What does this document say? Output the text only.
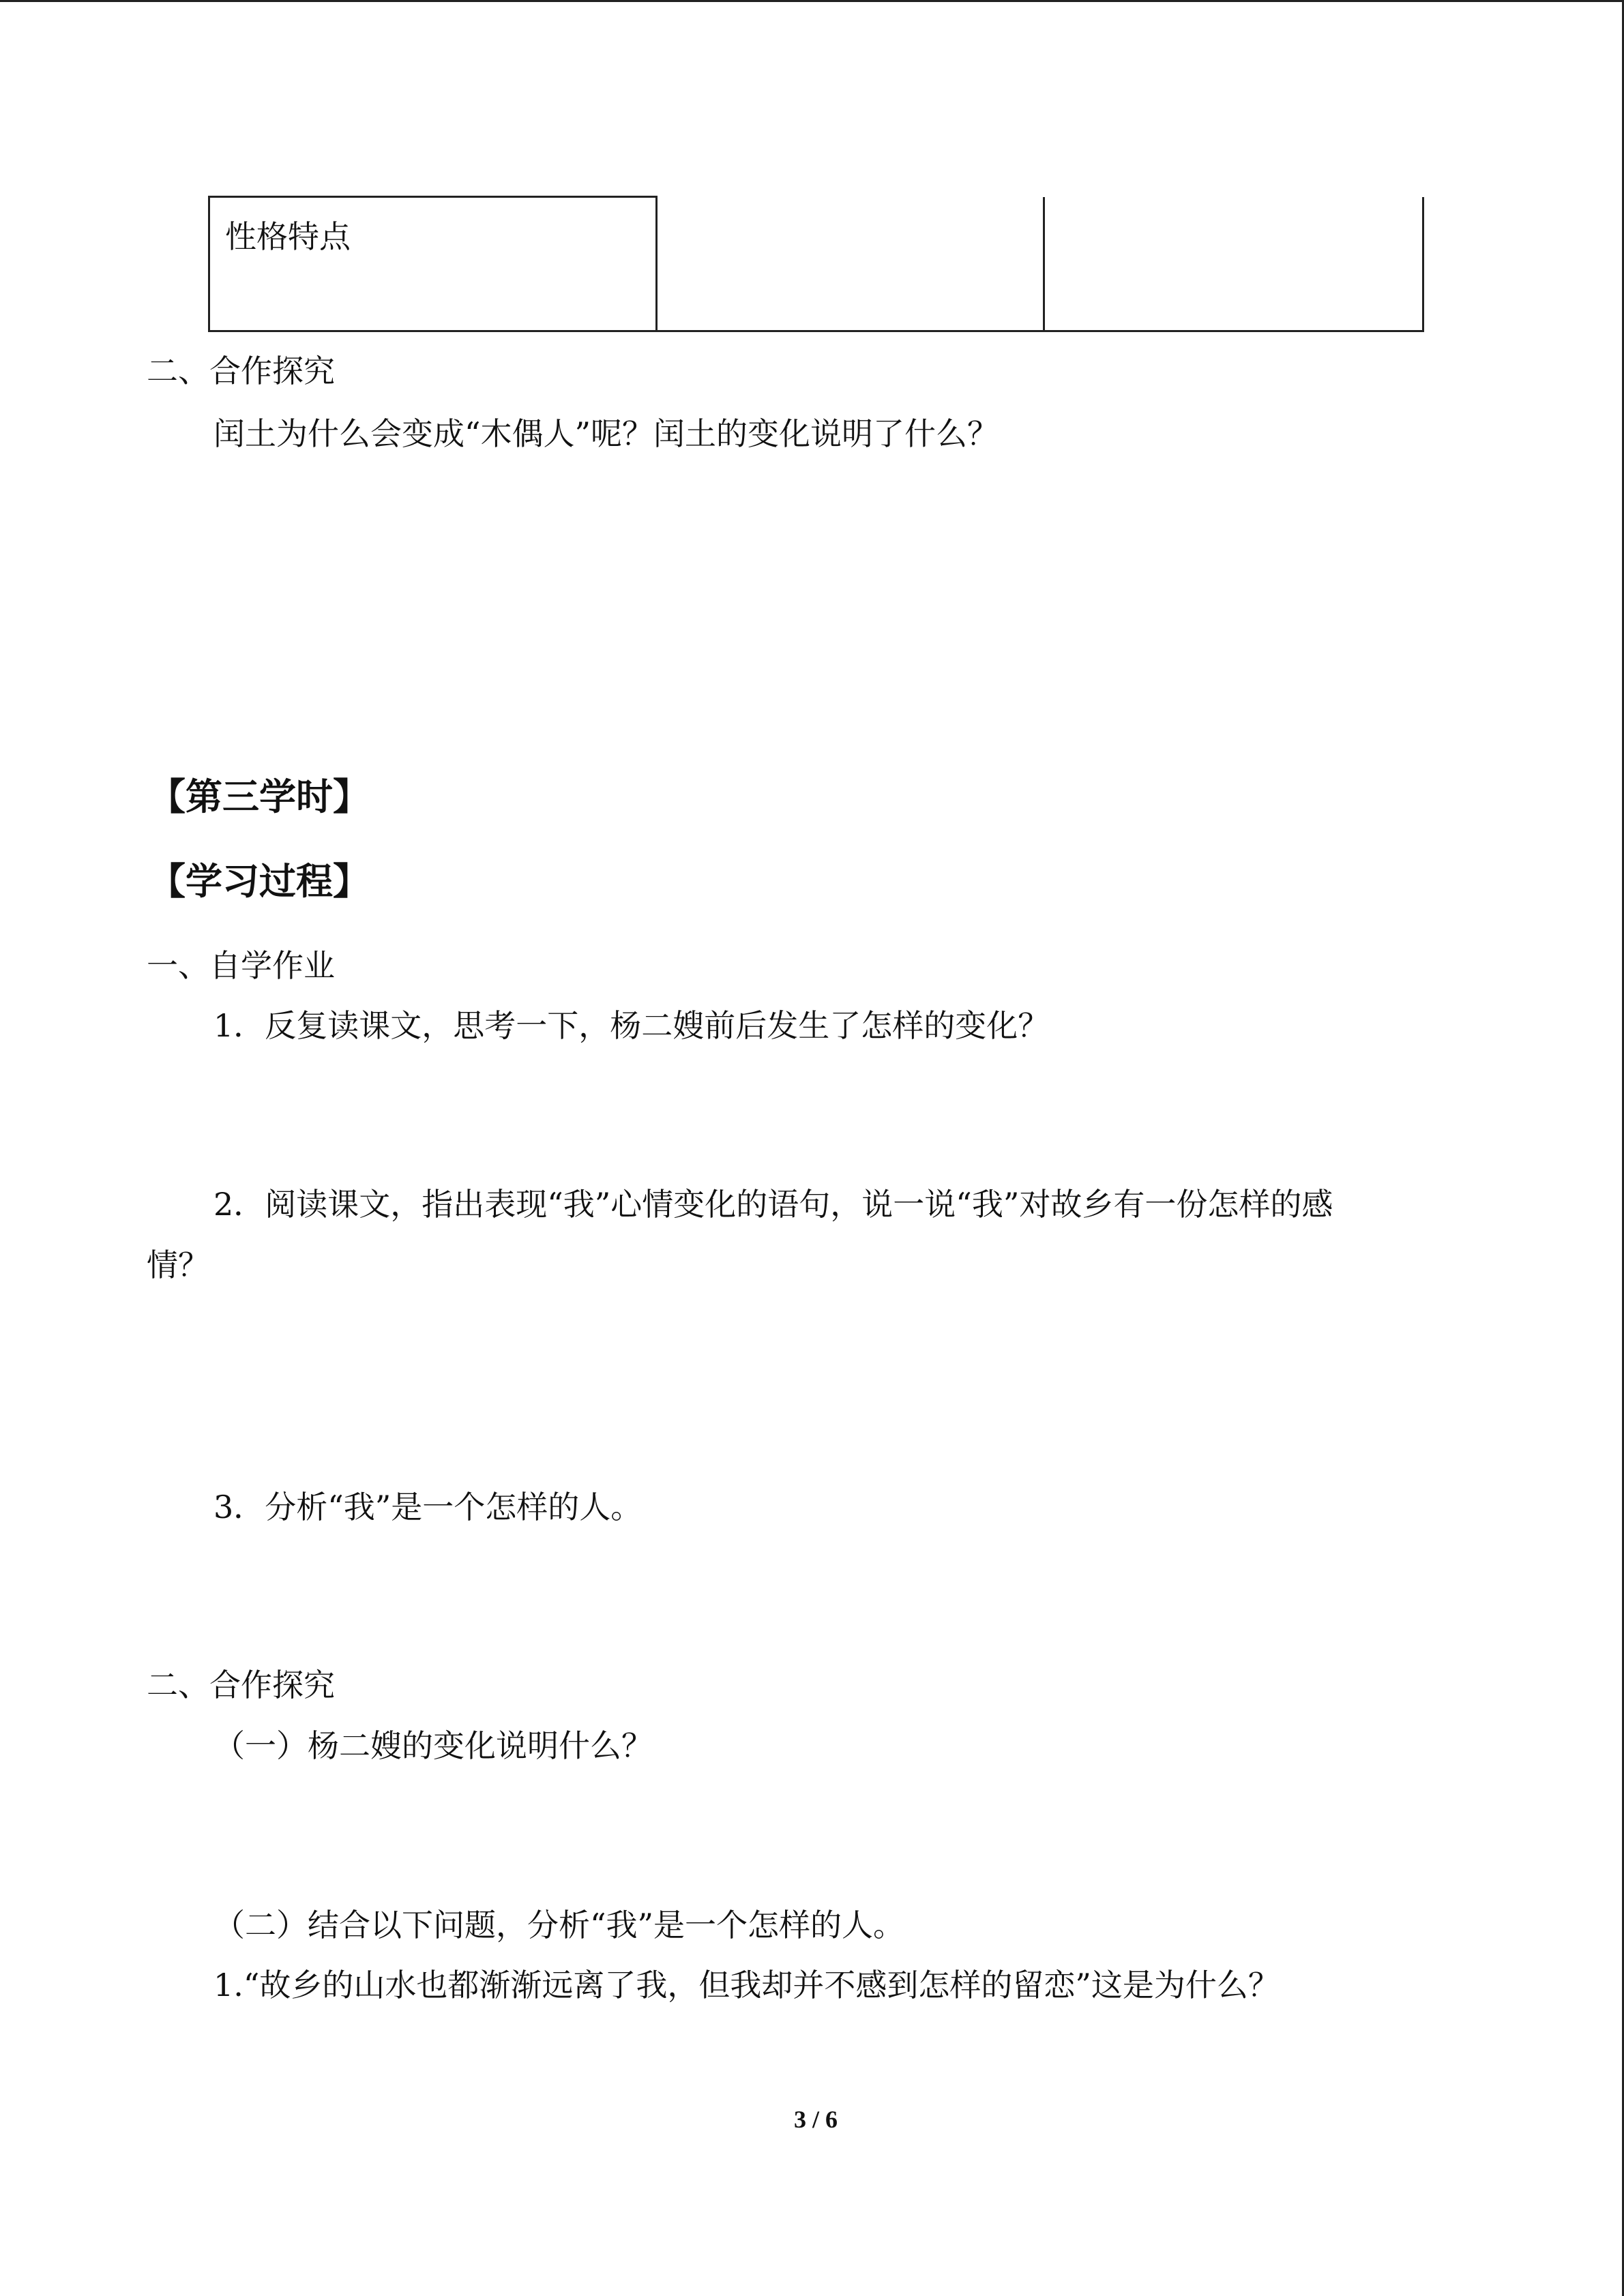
性格特点

二、合作探究
闰土为什么会变成“木偶人”呢？闰土的变化说明了什么？
【第三学时】
【学习过程】
一、自学作业
1．反复读课文，思考一下，杨二嫂前后发生了怎样的变化？
2．阅读课文，指出表现“我”心情变化的语句，说一说“我”对故乡有一份怎样的感
情？
3．分析“我”是一个怎样的人。
二、合作探究
（一）杨二嫂的变化说明什么？
（二）结合以下问题，分析“我”是一个怎样的人。
1.“故乡的山水也都渐渐远离了我，但我却并不感到怎样的留恋”这是为什么？
3 / 6
